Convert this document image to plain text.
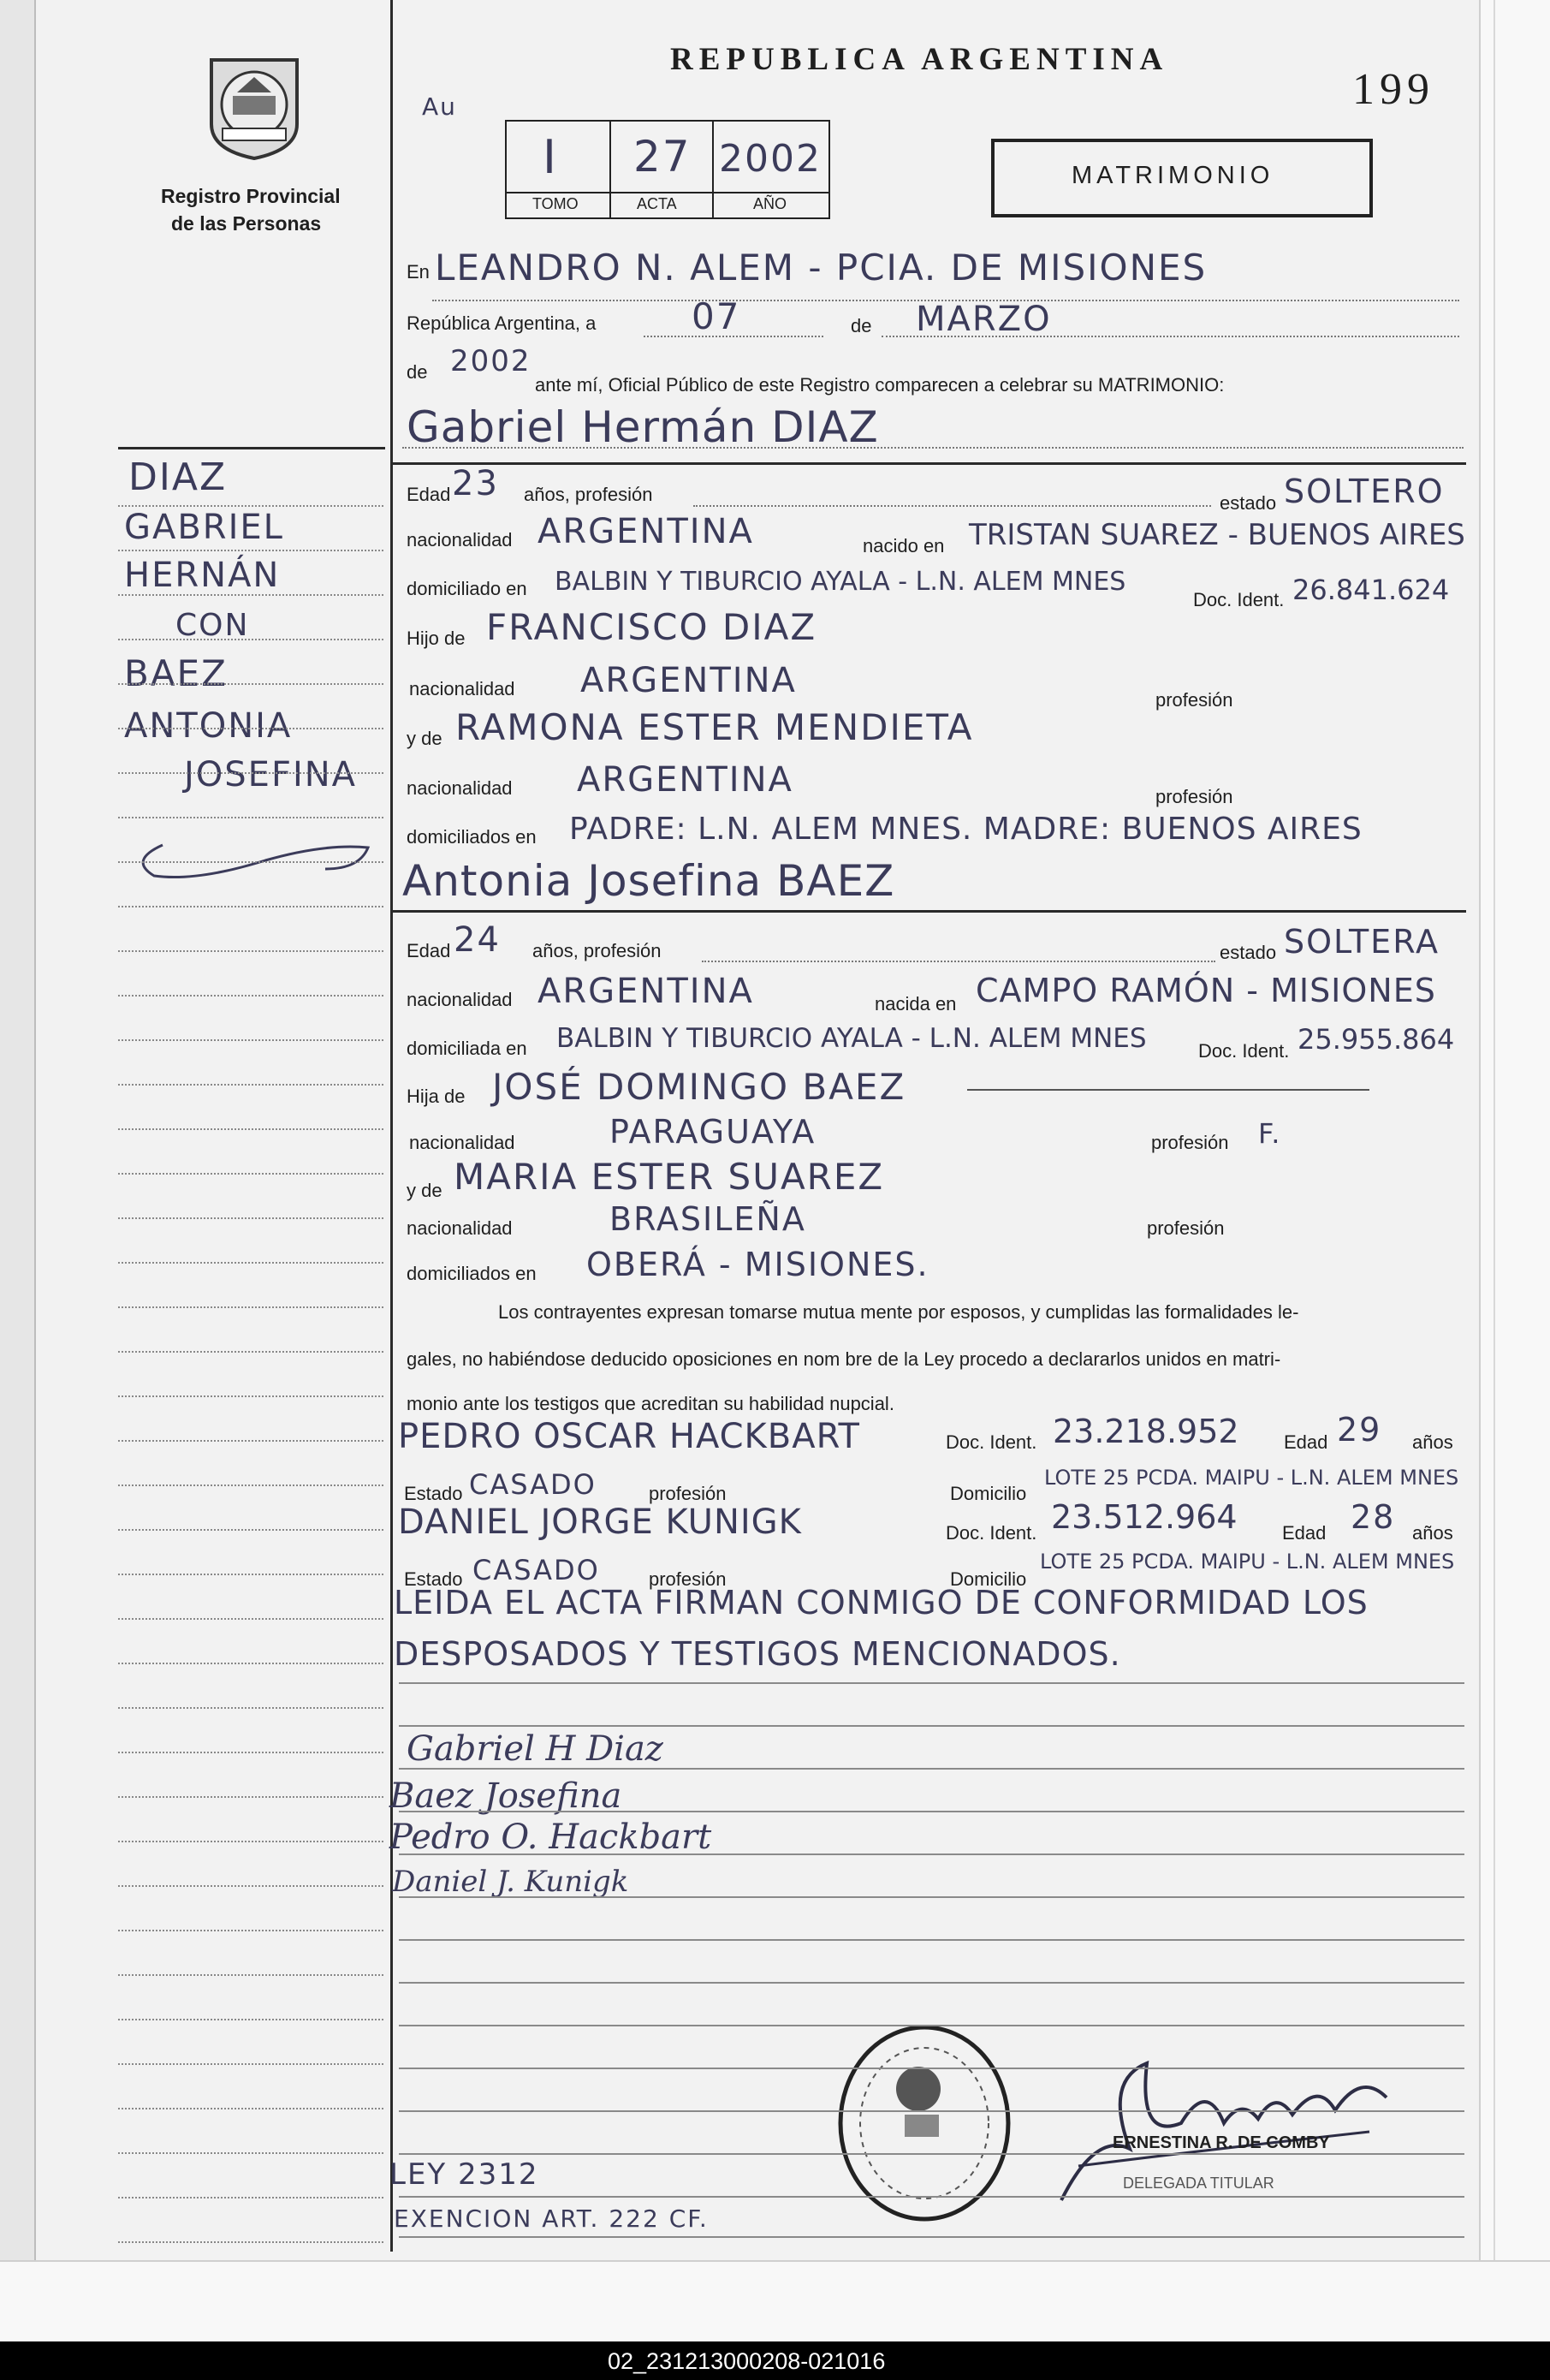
Registro Provincial
de las Personas
DIAZ
GABRIEL
HERNÁN
CON
BAEZ
ANTONIA
JOSEFINA
LEY 2312
EXENCION ART. 222 CF.
REPUBLICA ARGENTINA
199
Au
I 27 2002
TOMO	ACTA	AÑO
MATRIMONIO
En LEANDRO N. ALEM - PCIA. DE MISIONES
República Argentina, a	07	de MARZO
de 2002
ante mí, Oficial Público de este Registro comparecen a celebrar su MATRIMONIO:
Gabriel Hermán DIAZ
Edad 23 años, profesión	estado SOLTERO
nacionalidad ARGENTINA	nacido en TRISTAN SUAREZ - BUENOS AIRES
domiciliado en BALBIN Y TIBURCIO AYALA - L.N. ALEM MNES
Doc. Ident. 26.841.624
Hijo de FRANCISCO DIAZ
nacionalidad ARGENTINA	profesión
y de RAMONA ESTER MENDIETA
nacionalidad ARGENTINA	profesión
domiciliados en PADRE: L.N. ALEM MNES. MADRE: BUENOS AIRES
Antonia Josefina BAEZ
Edad 24 años, profesión	estado SOLTERA
nacionalidad ARGENTINA	nacida en CAMPO RAMÓN - MISIONES
domiciliada en BALBIN Y TIBURCIO AYALA - L.N. ALEM MNES	Doc. Ident. 25.955.864
Hija de JOSÉ DOMINGO BAEZ
nacionalidad	PARAGUAYA	profesión F.
y de MARIA ESTER SUAREZ
nacionalidad	BRASILEÑA	profesión
domiciliados en OBERÁ - MISIONES.
Los contrayentes expresan tomarse mutua mente por esposos, y cumplidas las formalidades le-
gales, no habiéndose deducido oposiciones en nom bre de la Ley procedo a declararlos unidos en matri-
monio ante los testigos que acreditan su habilidad nupcial.
PEDRO OSCAR HACKBART	Doc. Ident. 23.218.952 Edad 29 años
Estado CASADO	profesión	Domicilio
LOTE 25 PCDA. MAIPU - L.N. ALEM MNES
DANIEL JORGE KUNIGK	Doc. Ident. 23.512.964 Edad 28 años
Estado CASADO	profesión	Domicilio
LOTE 25 PCDA. MAIPU - L.N. ALEM MNES
LEIDA EL ACTA FIRMAN CONMIGO DE CONFORMIDAD LOS
DESPOSADOS Y TESTIGOS MENCIONADOS.
Gabriel H Diaz
Baez Josefina
Pedro O. Hackbart
Daniel J. Kunigk
ERNESTINA R. DE COMBY
DELEGADA TITULAR
02_231213000208-021016
